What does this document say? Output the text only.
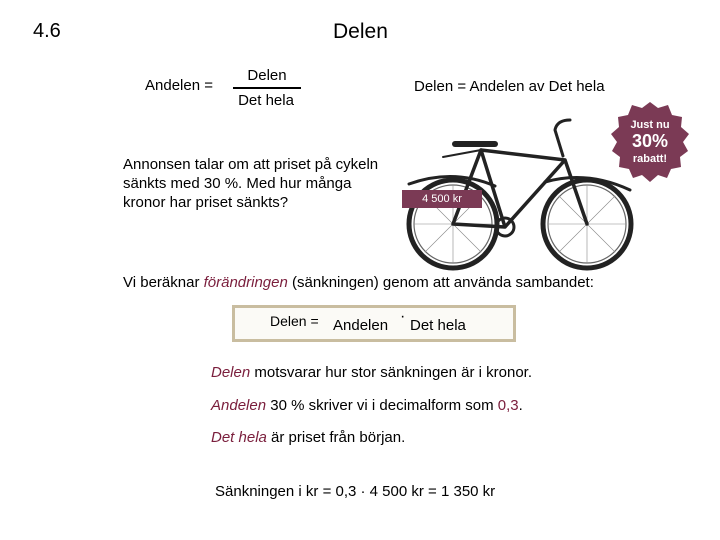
4.6	Delen
Andelen =
Delen
Det hela
Delen = Andelen av Det hela
Annonsen talar om att priset på cykeln sänkts med 30 %. Med hur många kronor har priset sänkts?	4 500 kr
Just nu
30%
rabatt!
Vi beräknar förändringen (sänkningen) genom att använda sambandet:
Delen = Andelen
·
Det hela
Delen motsvarar hur stor sänkningen är i kronor.
Andelen 30 % skriver vi i decimalform som 0,3.
Det hela är priset från början.
Sänkningen i kr = 0,3 · 4 500 kr = 1 350 kr
